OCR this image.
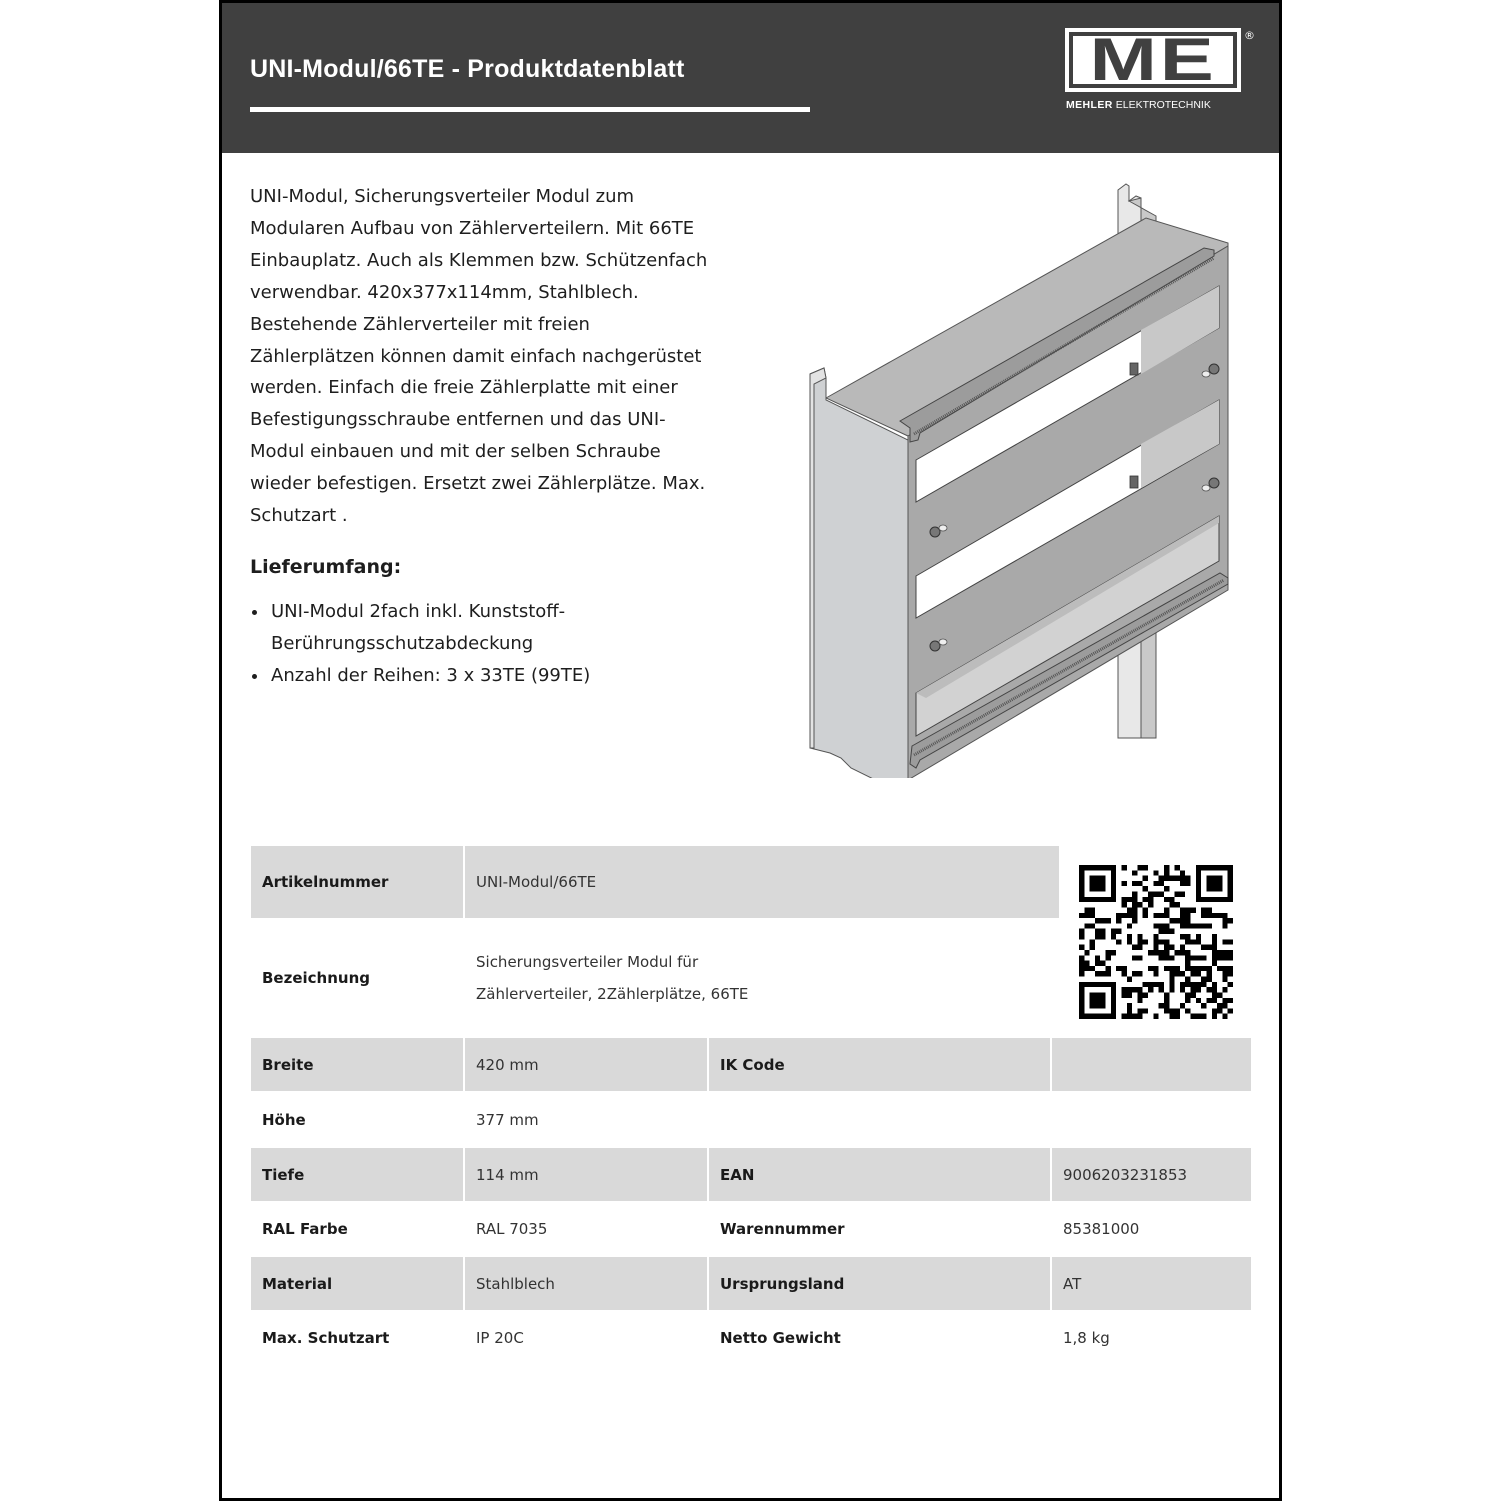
UNI-Modul/66TE - Produktdatenblatt	ME	®
MEHLER ELEKTROTECHNIK

UNI-Modul, Sicherungsverteiler Modul zum

Modularen Aufbau von Zählerverteilern. Mit 66TE

Einbauplatz. Auch als Klemmen bzw. Schützenfach

verwendbar. 420x377x114mm, Stahlblech.

Bestehende Zählerverteiler mit freien

Zählerplätzen können damit einfach nachgerüstet

werden. Einfach die freie Zählerplatte mit einer

Befestigungsschraube entfernen und das UNI-

Modul einbauen und mit der selben Schraube

wieder befestigen. Ersetzt zwei Zählerplätze. Max.

Schutzart .

Lieferumfang:
UNI-Modul 2fach inkl. Kunststoff-
Berührungsschutzabdeckung
Anzahl der Reihen: 3 x 33TE (99TE)
Artikelnummer	UNI-Modul/66TE
Bezeichnung
Sicherungsverteiler Modul für
Zählerverteiler, 2Zählerplätze, 66TE
Breite	420 mm	IK Code
Höhe	377 mm
Tiefe	114 mm	EAN	9006203231853
RAL Farbe	RAL 7035	Warennummer	85381000
Material	Stahlblech	Ursprungsland	AT
Max. Schutzart	IP 20C	Netto Gewicht	1,8 kg
